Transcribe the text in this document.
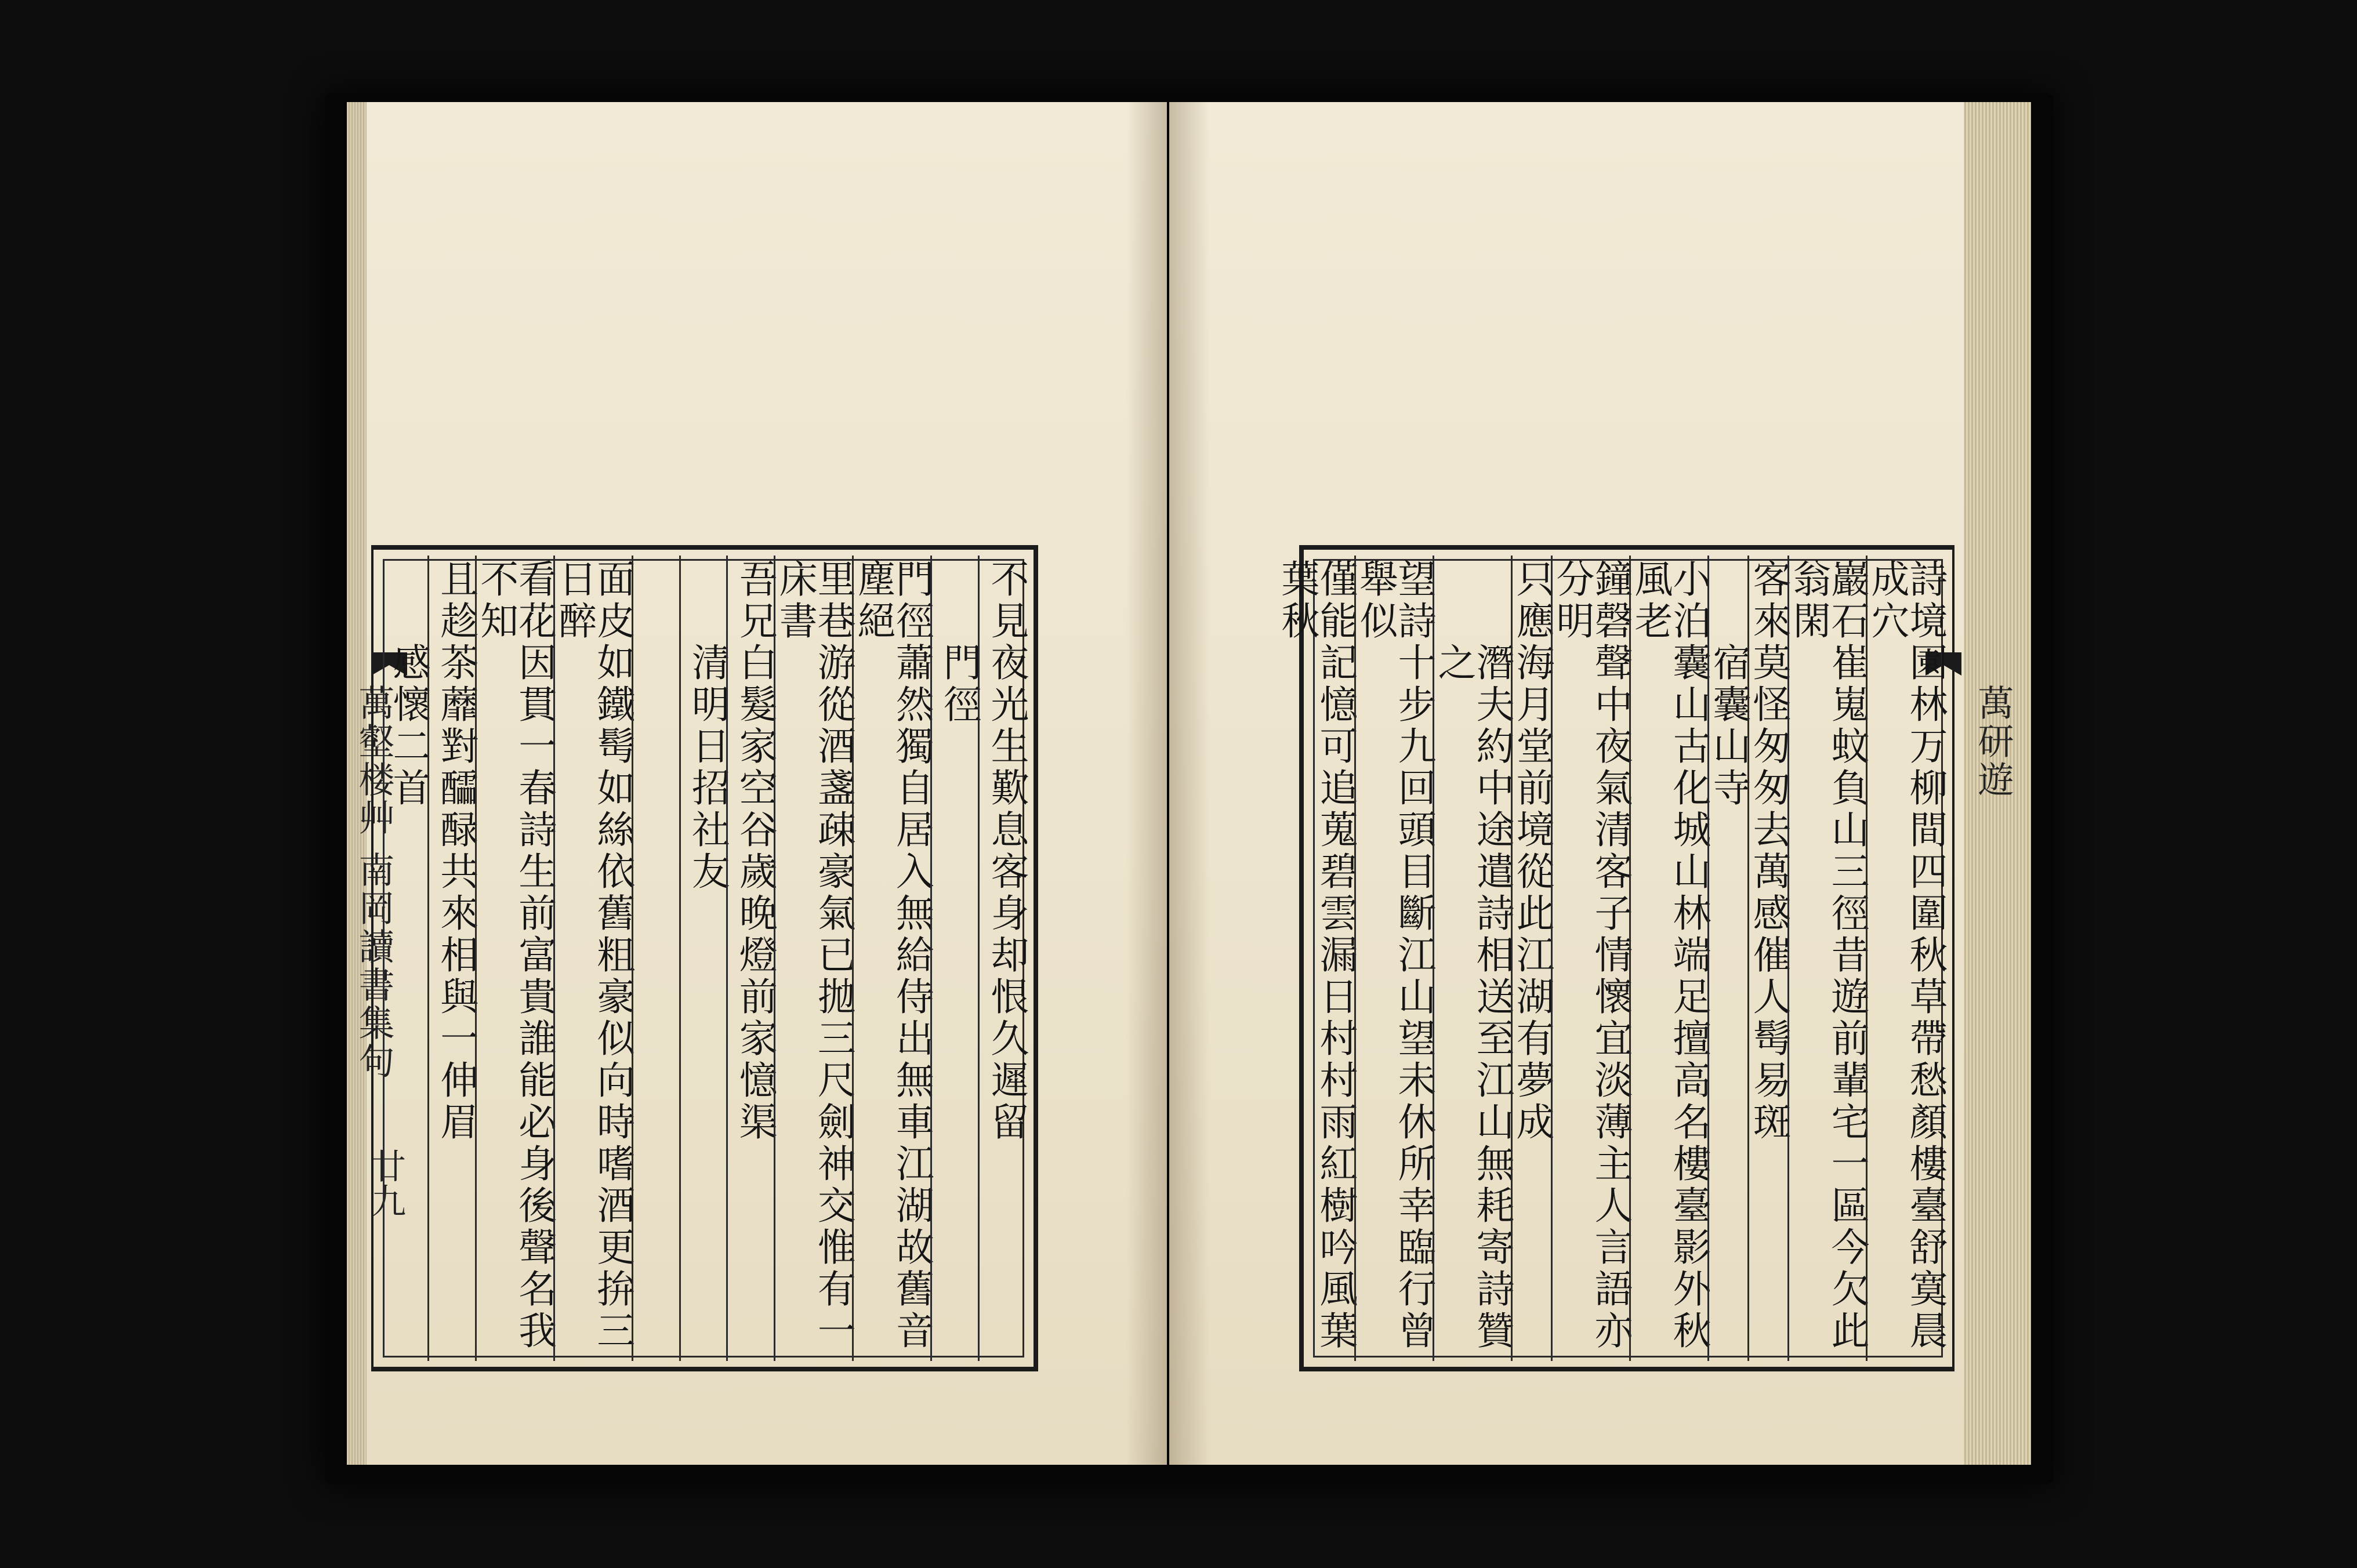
萬壑楼艸 南岡讀書集句
廿九
萬研遊
不見夜光生歎息客身却恨久遲留
門徑
門徑蕭然獨自居入無給侍出無車江湖故舊音塵絕
里巷游從酒盞疎豪氣已拋三尺劍神交惟有一床書
吾兄白髮家空谷歲晚燈前家憶渠
清明日招社友
面皮如鐵髩如絲依舊粗豪似向時嗜酒更拚三日醉
看花因貫一春詩生前富貴誰能必身後聲名我不知
且趁茶蘼對醽醁共來相與一伸眉
感懷二首	詩境園林万柳間四圍秋草帶愁顏樓臺舒寞晨成穴
巖石崔嵬蚊負山三徑昔遊前輩宅一區今欠此翁閑
客來莫怪匆匆去萬感催人髩易斑
宿囊山寺
小泊囊山古化城山林端足擅高名樓臺影外秋風老
鐘磬聲中夜氣清客子情懷宜淡薄主人言語亦分明
只應海月堂前境從此江湖有夢成
潛夫約中途遣詩相送至江山無耗寄詩贊之
望詩十步九回頭目斷江山望未休所幸臨行曾舉似
僅能記憶可追蒐碧雲漏日村村雨紅樹吟風葉葉秋
